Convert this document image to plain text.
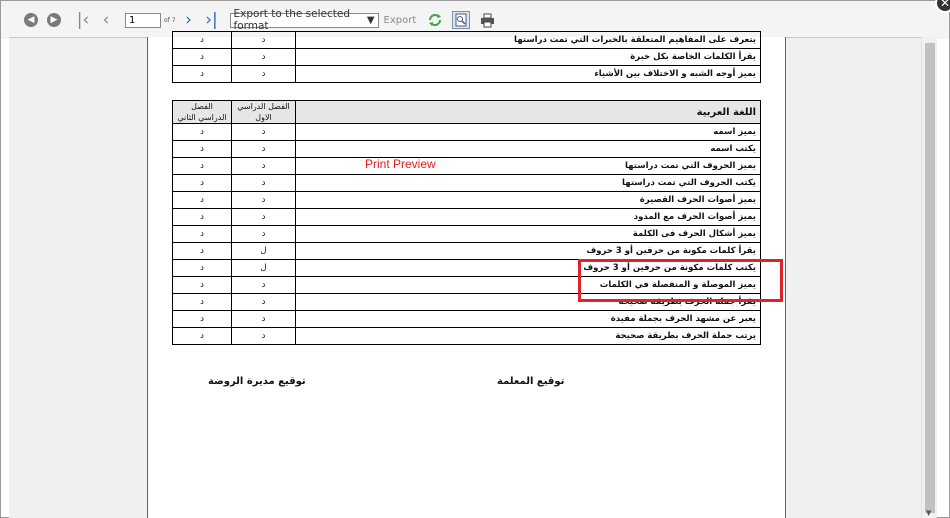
◀	▶ |‹ ‹
1	of 7 › ›| Export to the selected format	▼ Export
✕
يتعرف على المفاهيم المتعلقة بالخبرات التي تمت دراستها	د	د
يقرأ الكلمات الخاصة بكل خبرة	د	د
يميز أوجه الشبه و الاختلاف بين الأشياء	د	د
اللغة العربية	الفصل الدراسي الاول	الفصل الدراسي الثاني
يميز اسمه	د	د
يكتب اسمه	د	د
يميز الحروف التي تمت دراستها	د	د
يكتب الحروف التي تمت دراستها	د	د
يميز أصوات الحرف القصيرة	د	د
يميز أصوات الحرف مع المدود	د	د
يميز أشكال الحرف فى الكلمة	د	د
يقرأ كلمات مكونة من حرفين أو 3 حروف	ل	د
يكتب كلمات مكونة من حرفين أو 3 حروف	ل	د
يميز الموصلة و المنفصلة في الكلمات	د	د
يقرأ جملة الحرف بطريقة صحيحة	د	د
يعبر عن مشهد الحرف بجملة مفيدة	د	د
يرتب جملة الحرف بطريقة صحيحة	د	د
توقيع المعلمة
توقيع مديرة الروضة
Print Preview
▼
